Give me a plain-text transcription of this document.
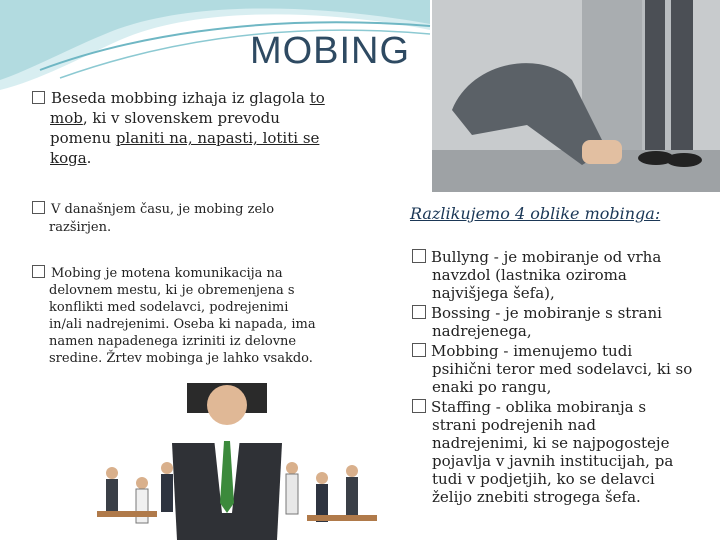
MOBING
Beseda mobbing izhaja iz glagola to
mob, ki v slovenskem prevodu
pomenu planiti na, napasti, lotiti se
koga.
V današnjem času, je mobing zelo
razširjen.
Mobing je motena komunikacija na
delovnem mestu, ki je obremenjena s
konflikti med sodelavci, podrejenimi
in/ali nadrejenimi. Oseba ki napada, ima
namen napadenega izriniti iz delovne
sredine. Žrtev mobinga je lahko vsakdo.
Razlikujemo 4 oblike mobinga:
Bullyng - je mobiranje od vrha
navzdol (lastnika oziroma
najvišjega šefa),
Bossing - je mobiranje s strani
nadrejenega,
Mobbing - imenujemo tudi
psihični teror med sodelavci, ki so
enaki po rangu,
Staffing - oblika mobiranja s
strani podrejenih nad
nadrejenimi, ki se najpogosteje
pojavlja v javnih institucijah, pa
tudi v podjetjih, ko se delavci
želijo znebiti strogega šefa.
